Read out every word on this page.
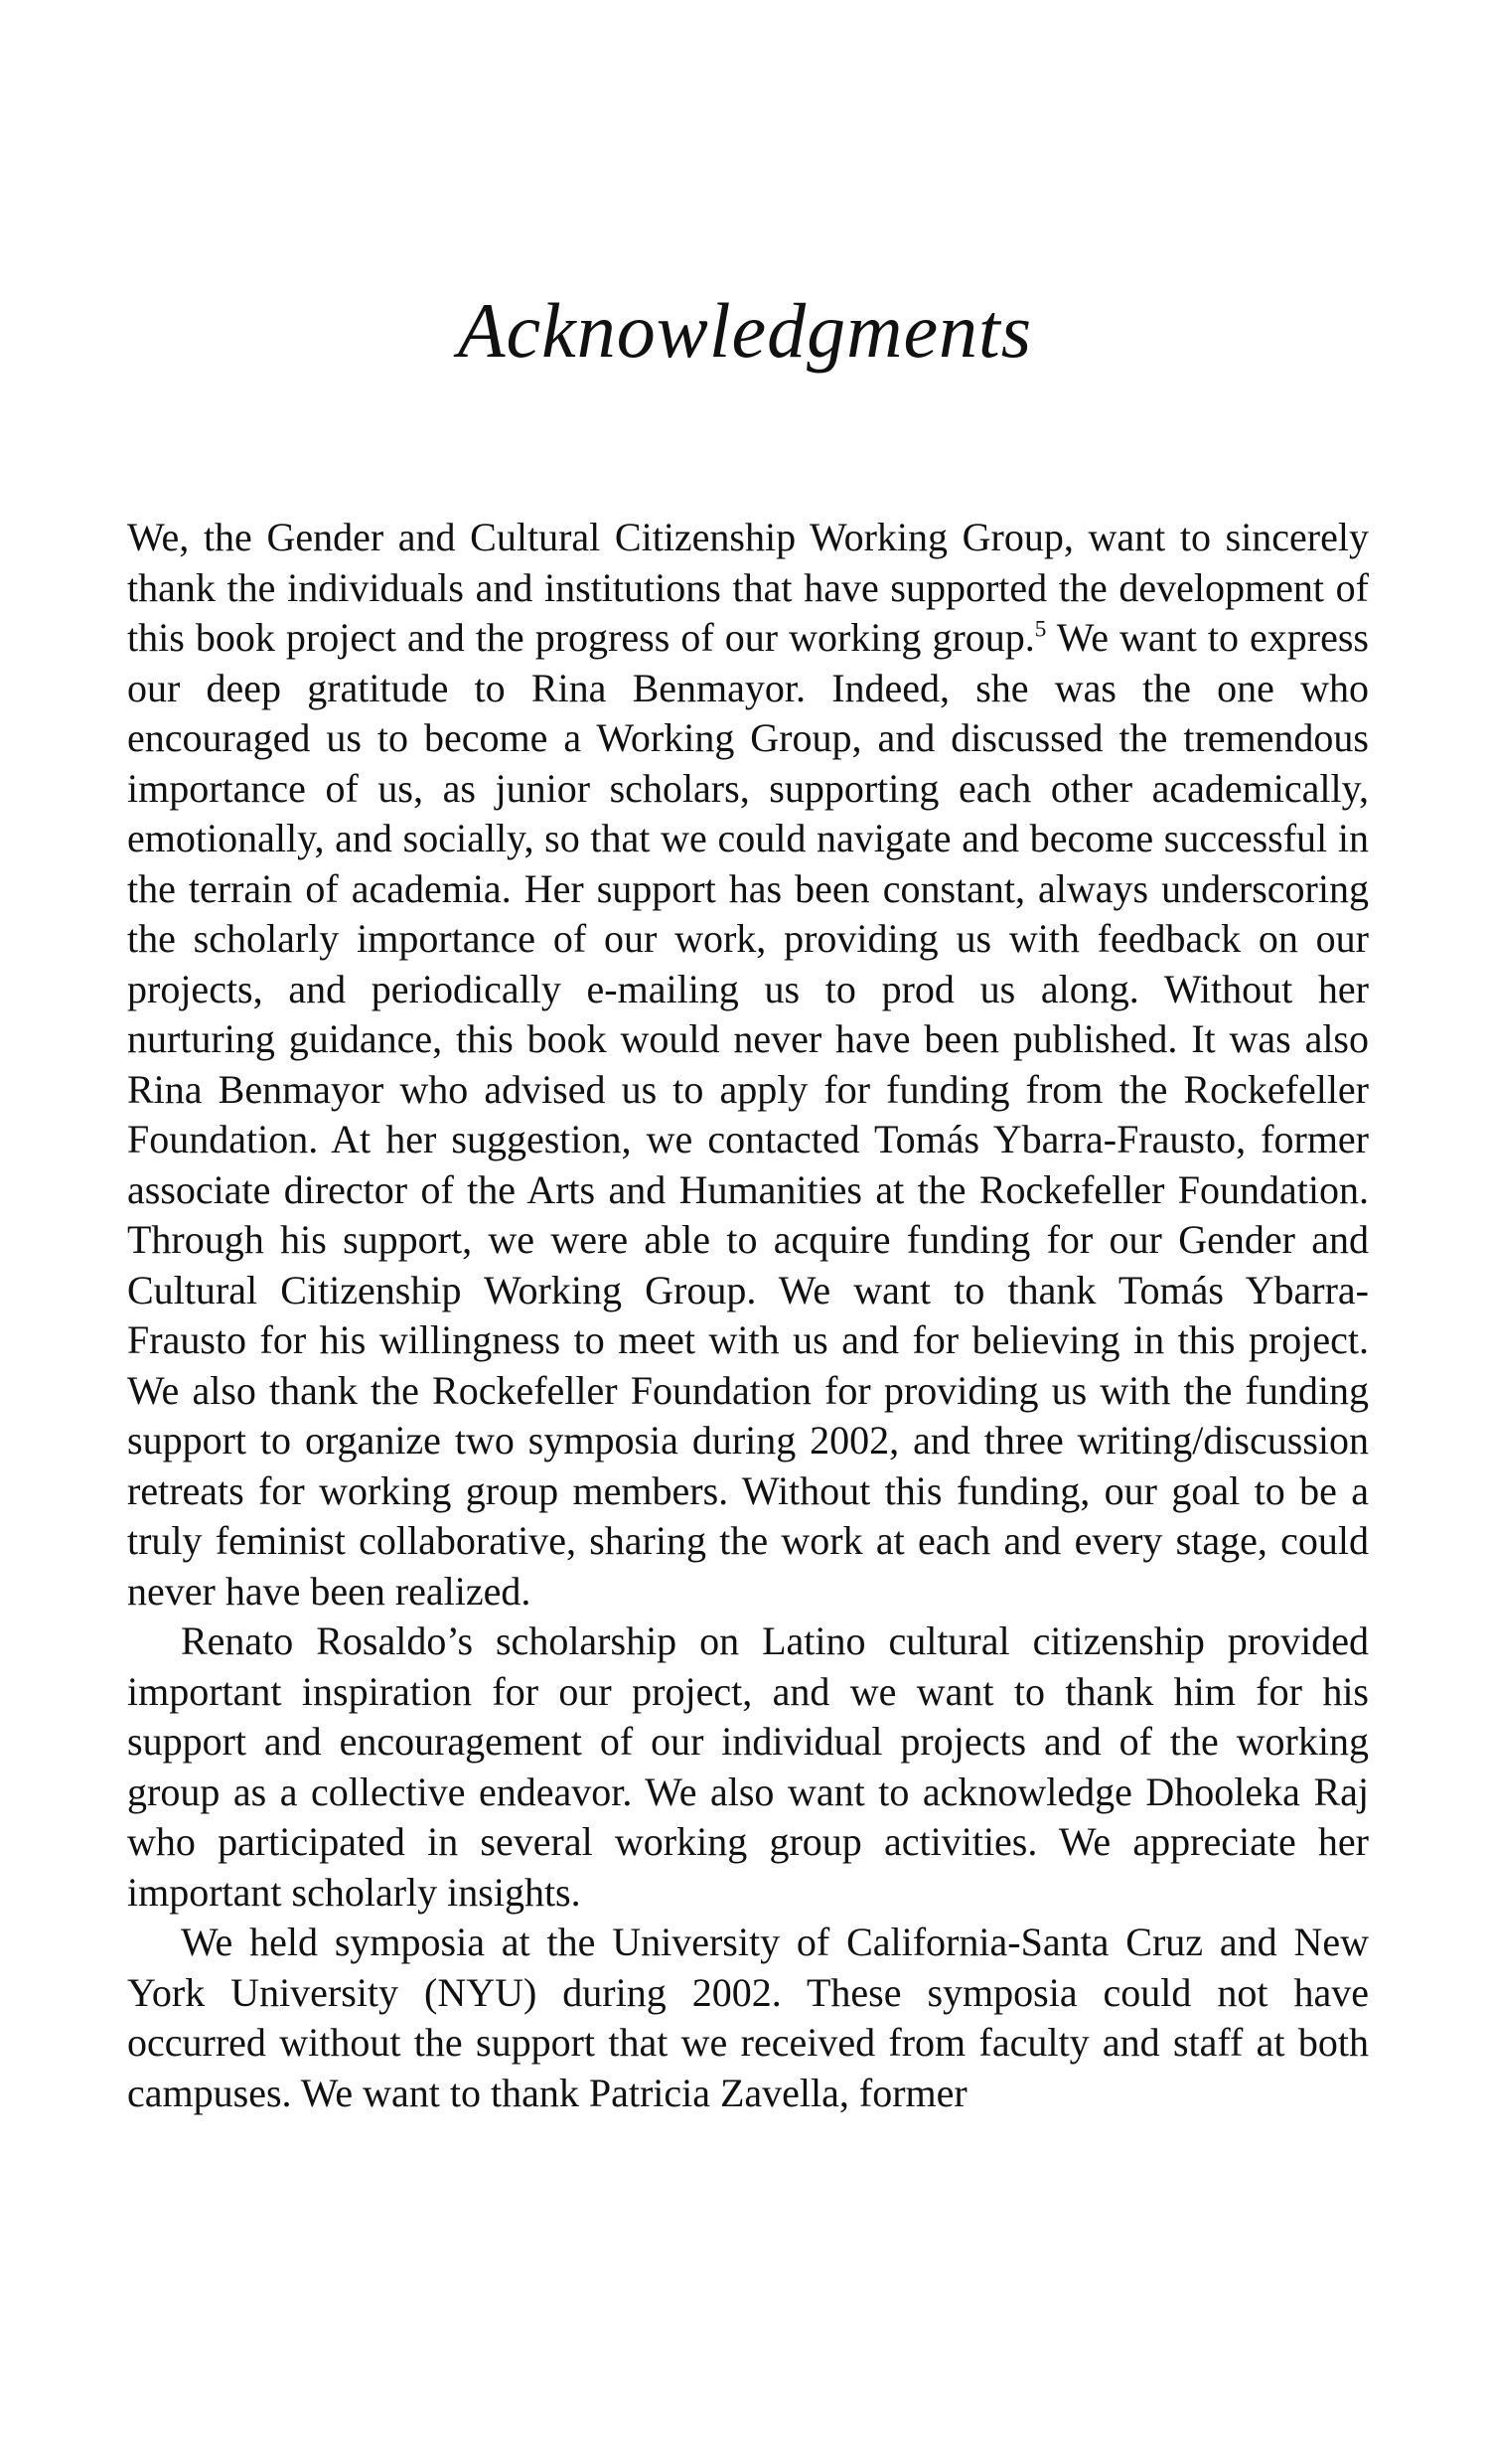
Acknowledgments

We, the Gender and Cultural Citizenship Working Group, want to sincerely thank the individuals and institutions that have supported the development of this book project and the progress of our working group.$^5$ We want to express our deep gratitude to Rina Benmayor. Indeed, she was the one who encouraged us to become a Working Group, and discussed the tremendous importance of us, as junior scholars, supporting each other academically, emotionally, and socially, so that we could navigate and become successful in the terrain of academia. Her support has been constant, always underscoring the scholarly importance of our work, providing us with feedback on our projects, and periodically e-mailing us to prod us along. Without her nurturing guidance, this book would never have been published. It was also Rina Benmayor who advised us to apply for funding from the Rockefeller Foundation. At her suggestion, we contacted Tomás Ybarra-Frausto, former associate director of the Arts and Humanities at the Rockefeller Foundation. Through his support, we were able to acquire funding for our Gender and Cultural Citizenship Working Group. We want to thank Tomás Ybarra-Frausto for his willingness to meet with us and for believing in this project. We also thank the Rockefeller Foundation for providing us with the funding support to organize two symposia during 2002, and three writing/discussion retreats for working group members. Without this funding, our goal to be a truly feminist collaborative, sharing the work at each and every stage, could never have been realized.

Renato Rosaldo’s scholarship on Latino cultural citizenship provided important inspiration for our project, and we want to thank him for his support and encouragement of our individual projects and of the working group as a collective endeavor. We also want to acknowledge Dhooleka Raj who participated in several working group activities. We appreciate her important scholarly insights.

We held symposia at the University of California-Santa Cruz and New York University (NYU) during 2002. These symposia could not have occurred without the support that we received from faculty and staff at both campuses. We want to thank Patricia Zavella, former
